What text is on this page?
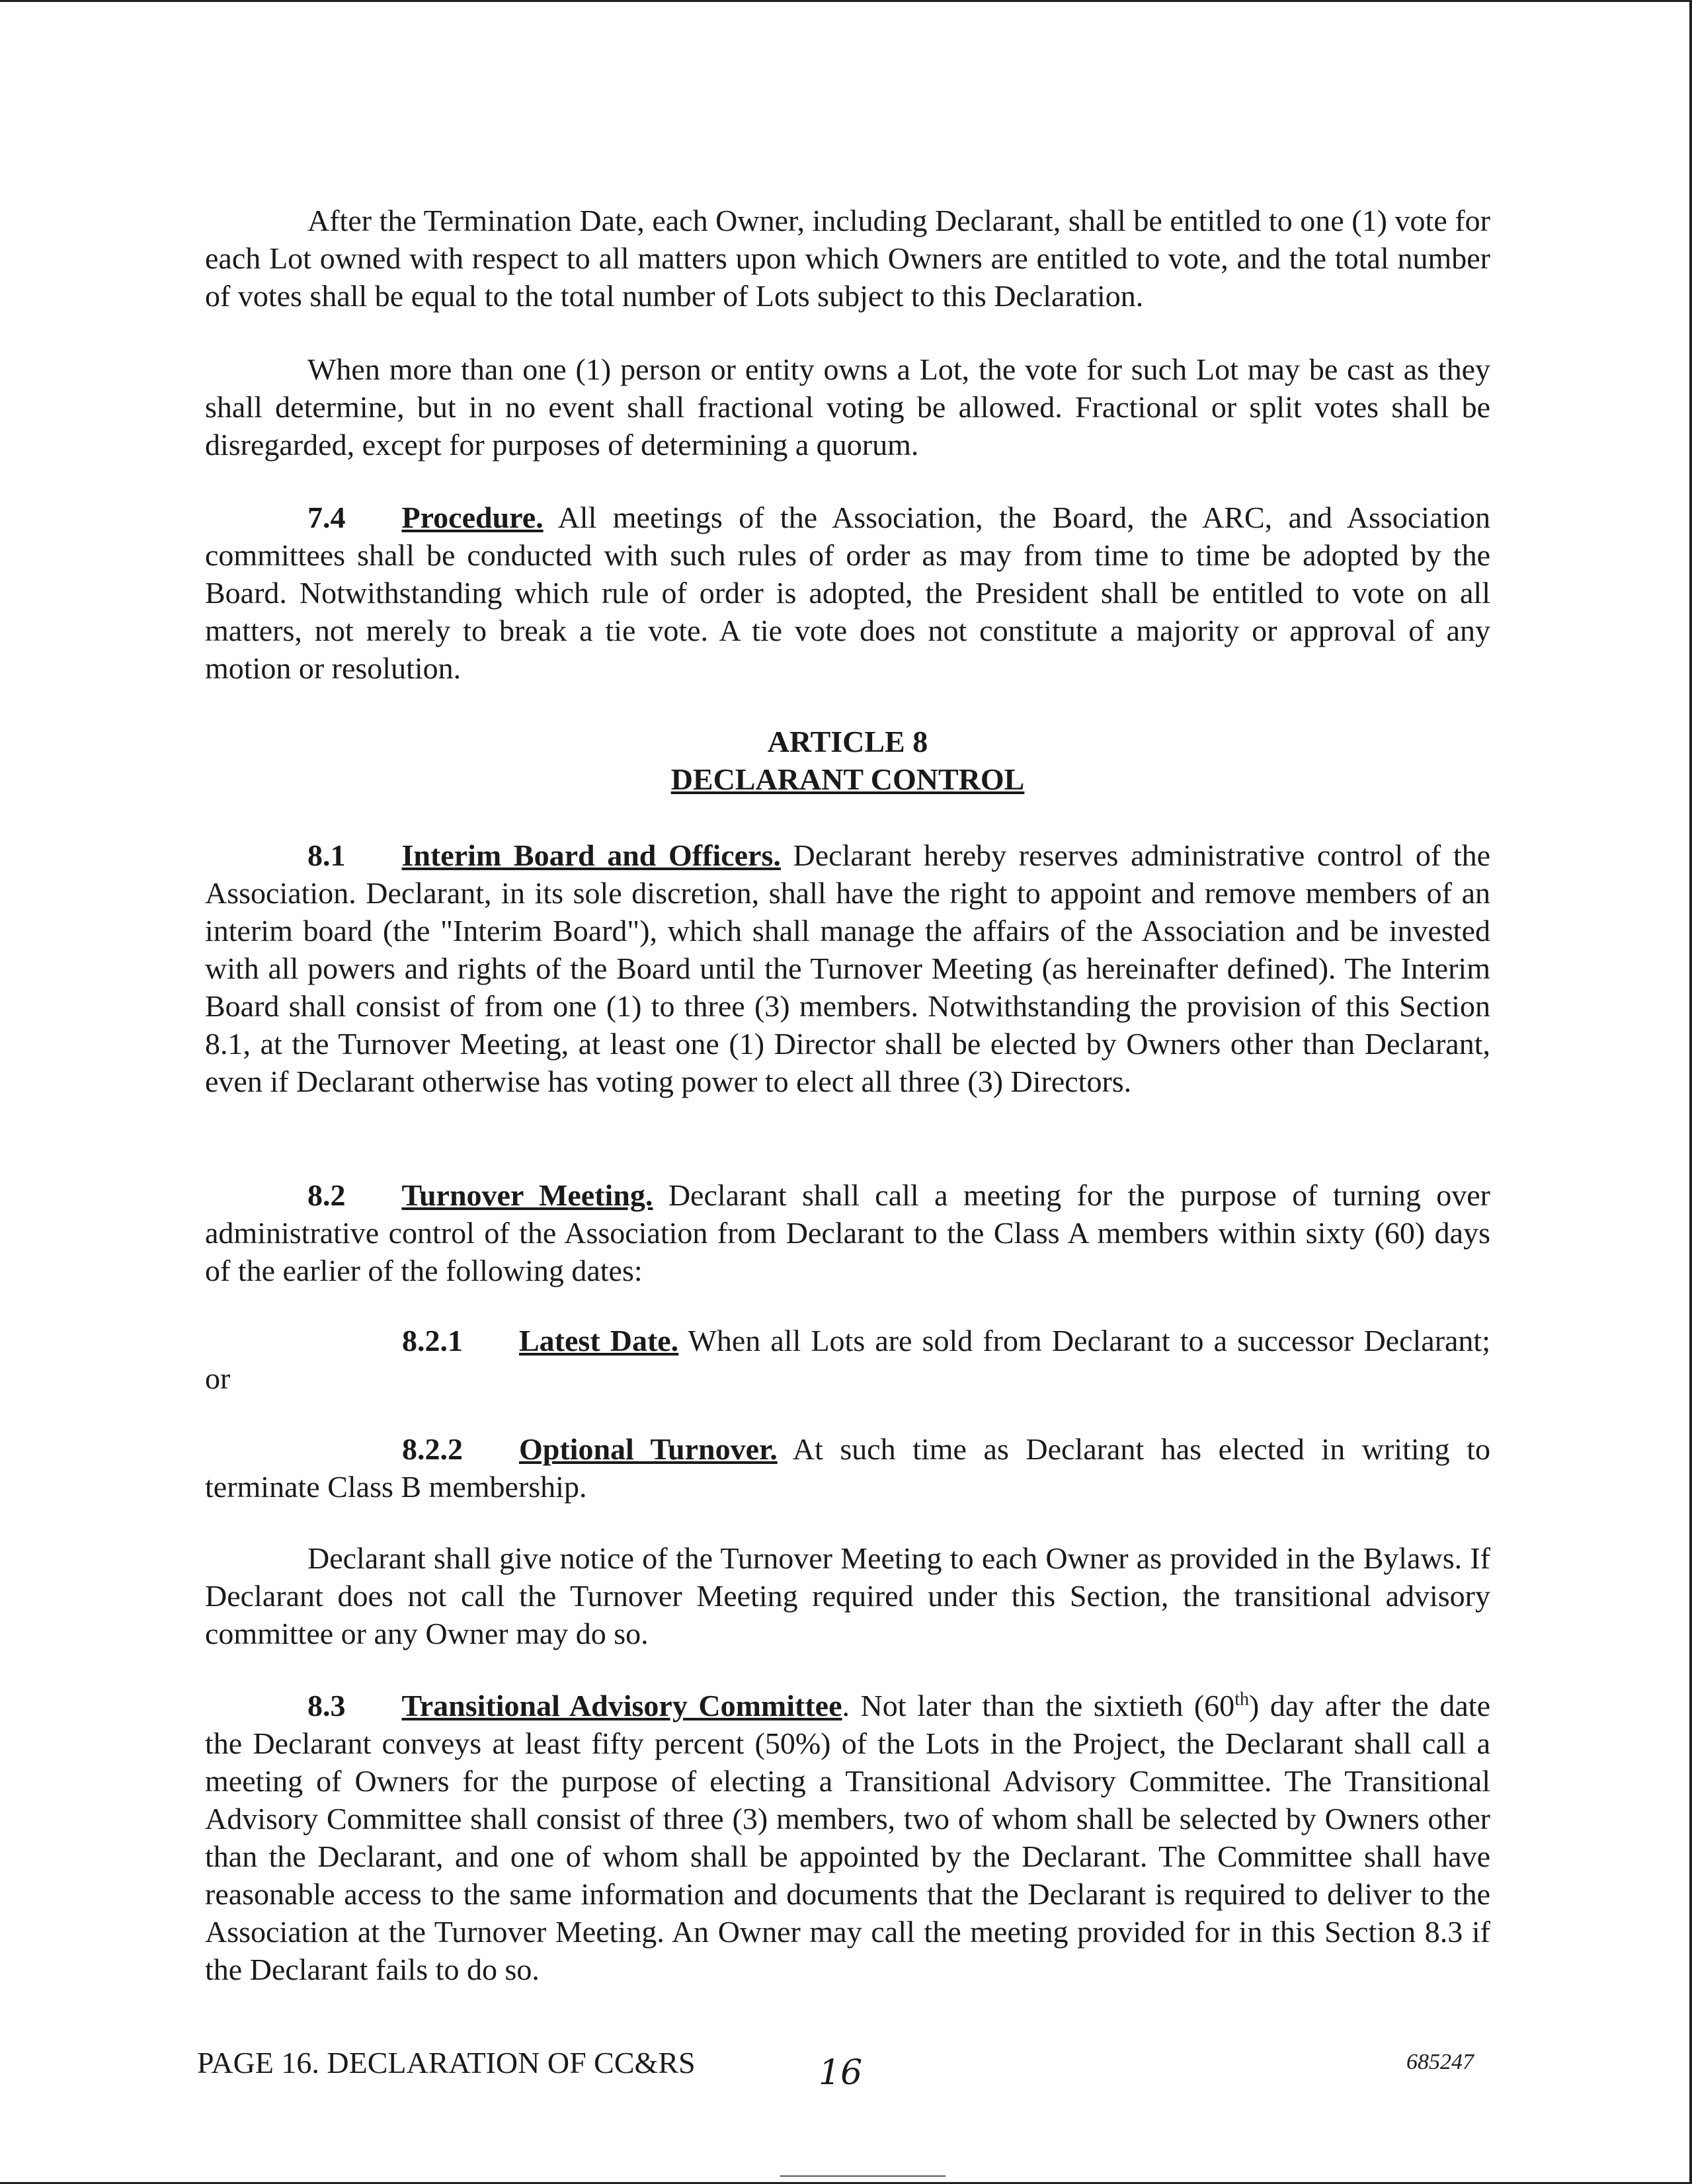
After the Termination Date, each Owner, including Declarant, shall be entitled to one (1) vote for each Lot owned with respect to all matters upon which Owners are entitled to vote, and the total number of votes shall be equal to the total number of Lots subject to this Declaration.

When more than one (1) person or entity owns a Lot, the vote for such Lot may be cast as they shall determine, but in no event shall fractional voting be allowed. Fractional or split votes shall be disregarded, except for purposes of determining a quorum.

7.4 Procedure. All meetings of the Association, the Board, the ARC, and Association committees shall be conducted with such rules of order as may from time to time be adopted by the Board. Notwithstanding which rule of order is adopted, the President shall be entitled to vote on all matters, not merely to break a tie vote. A tie vote does not constitute a majority or approval of any motion or resolution.

ARTICLE 8
DECLARANT CONTROL

8.1 Interim Board and Officers. Declarant hereby reserves administrative control of the Association. Declarant, in its sole discretion, shall have the right to appoint and remove members of an interim board (the "Interim Board"), which shall manage the affairs of the Association and be invested with all powers and rights of the Board until the Turnover Meeting (as hereinafter defined). The Interim Board shall consist of from one (1) to three (3) members. Notwithstanding the provision of this Section 8.1, at the Turnover Meeting, at least one (1) Director shall be elected by Owners other than Declarant, even if Declarant otherwise has voting power to elect all three (3) Directors.

8.2 Turnover Meeting. Declarant shall call a meeting for the purpose of turning over administrative control of the Association from Declarant to the Class A members within sixty (60) days of the earlier of the following dates:

8.2.1 Latest Date. When all Lots are sold from Declarant to a successor Declarant; or

8.2.2 Optional Turnover. At such time as Declarant has elected in writing to terminate Class B membership.

Declarant shall give notice of the Turnover Meeting to each Owner as provided in the Bylaws. If Declarant does not call the Turnover Meeting required under this Section, the transitional advisory committee or any Owner may do so.

8.3 Transitional Advisory Committee. Not later than the sixtieth (60th) day after the date the Declarant conveys at least fifty percent (50%) of the Lots in the Project, the Declarant shall call a meeting of Owners for the purpose of electing a Transitional Advisory Committee. The Transitional Advisory Committee shall consist of three (3) members, two of whom shall be selected by Owners other than the Declarant, and one of whom shall be appointed by the Declarant. The Committee shall have reasonable access to the same information and documents that the Declarant is required to deliver to the Association at the Turnover Meeting. An Owner may call the meeting provided for in this Section 8.3 if the Declarant fails to do so.

PAGE 16. DECLARATION OF CC&RS	16	685247
